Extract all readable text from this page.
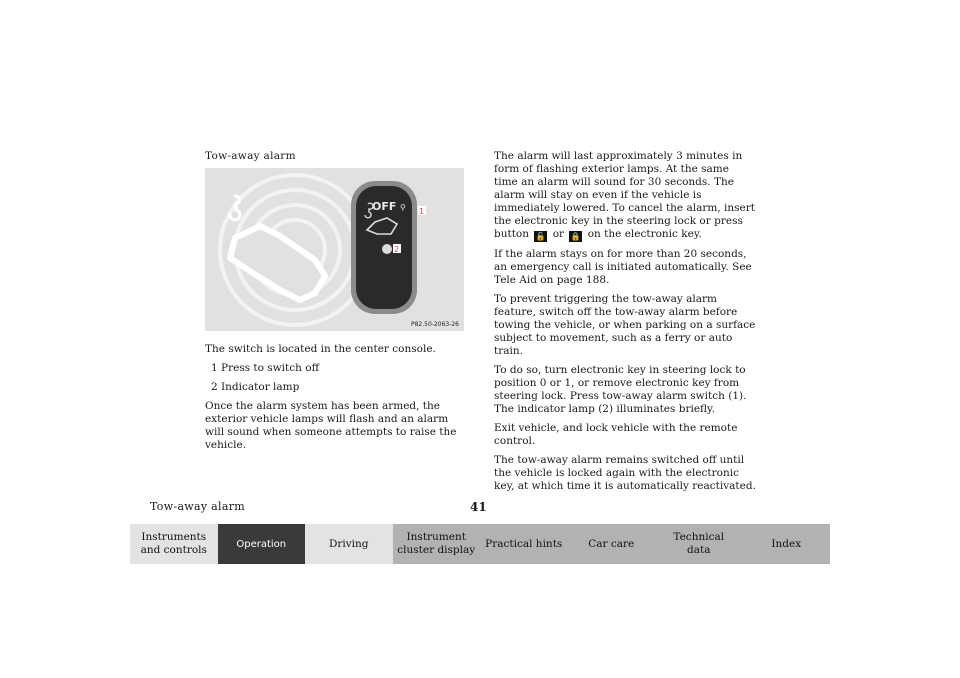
Tow-away alarm
OFF ⚲ 1
2
P82.50-2063-26

The switch is located in the center console.

1 Press to switch off
2 Indicator lamp

Once the alarm system has been armed, the exterior vehicle lamps will flash and an alarm will sound when someone attempts to raise the vehicle.

The alarm will last approximately 3 minutes in form of flashing exterior lamps. At the same time an alarm will sound for 30 seconds. The alarm will stay on even if the vehicle is immediately lowered. To cancel the alarm, insert the electronic key in the steering lock or press button 🔓 or 🔒 on the electronic key.

If the alarm stays on for more than 20 seconds, an emergency call is initiated automatically. See Tele Aid on page 188.

To prevent triggering the tow-away alarm feature, switch off the tow-away alarm before towing the vehicle, or when parking on a surface subject to movement, such as a ferry or auto train.

To do so, turn electronic key in steering lock to position 0 or 1, or remove electronic key from steering lock. Press tow-away alarm switch (1). The indicator lamp (2) illuminates briefly.

Exit vehicle, and lock vehicle with the remote control.

The tow-away alarm remains switched off until the vehicle is locked again with the electronic key, at which time it is automatically reactivated.

Tow-away alarm	41
Instruments
and controls	Operation	Driving
Instrument
cluster display
Practical hints Car care
Technical
data
Index
